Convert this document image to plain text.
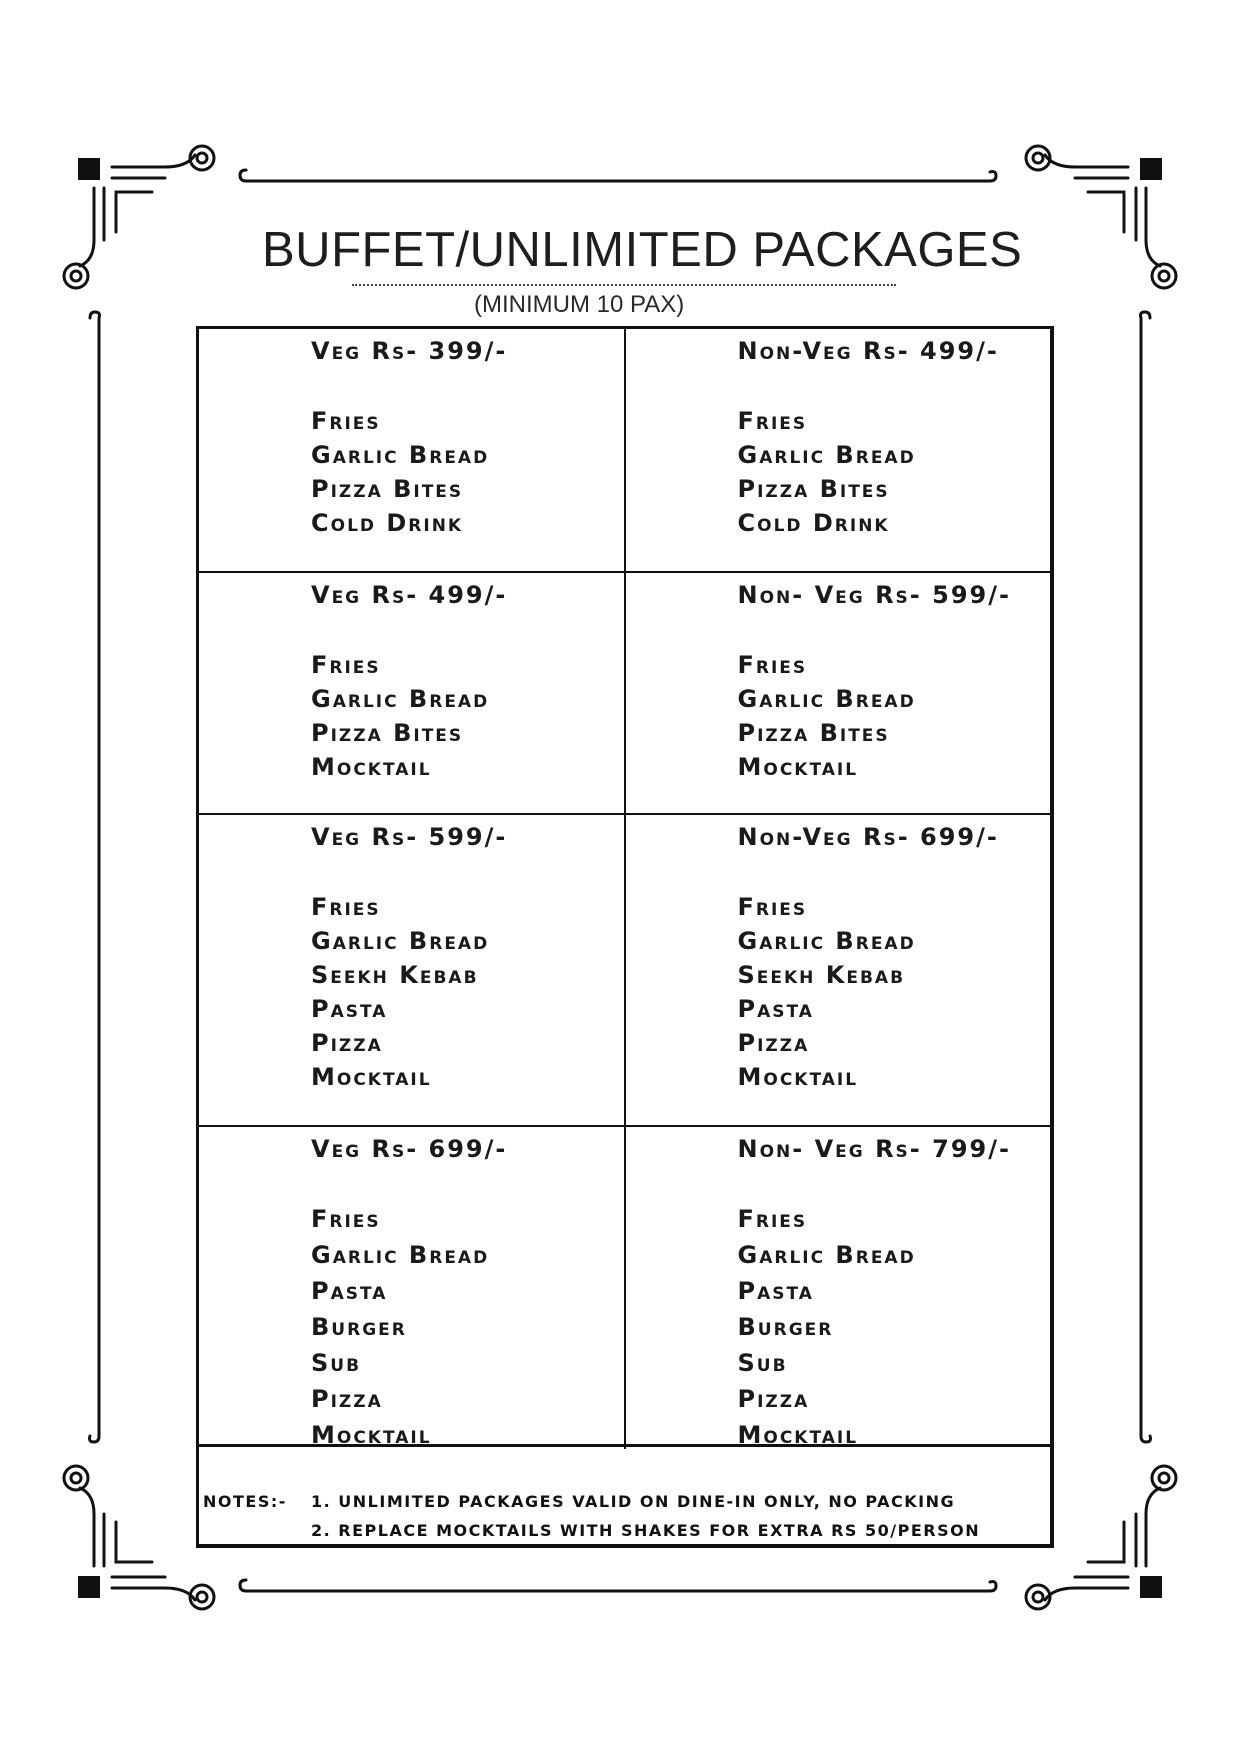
BUFFET/UNLIMITED PACKAGES
(MINIMUM 10 PAX)
Veg Rs- 399/-
Fries
Garlic Bread
Pizza Bites
Cold Drink
Non-Veg Rs- 499/-
Fries
Garlic Bread
Pizza Bites
Cold Drink
Veg Rs- 499/-
Fries
Garlic Bread
Pizza Bites
Mocktail
Non- Veg Rs- 599/-
Fries
Garlic Bread
Pizza Bites
Mocktail
Veg Rs- 599/-
Fries
Garlic Bread
Seekh Kebab
Pasta
Pizza
Mocktail
Non-Veg Rs- 699/-
Fries
Garlic Bread
Seekh Kebab
Pasta
Pizza
Mocktail
Veg Rs- 699/-
Fries
Garlic Bread
Pasta
Burger
Sub
Pizza
Mocktail
Non- Veg Rs- 799/-
Fries
Garlic Bread
Pasta
Burger
Sub
Pizza
Mocktail
NOTES:- 1. UNLIMITED PACKAGES VALID ON DINE-IN ONLY, NO PACKING
2. REPLACE MOCKTAILS WITH SHAKES FOR EXTRA RS 50/PERSON
